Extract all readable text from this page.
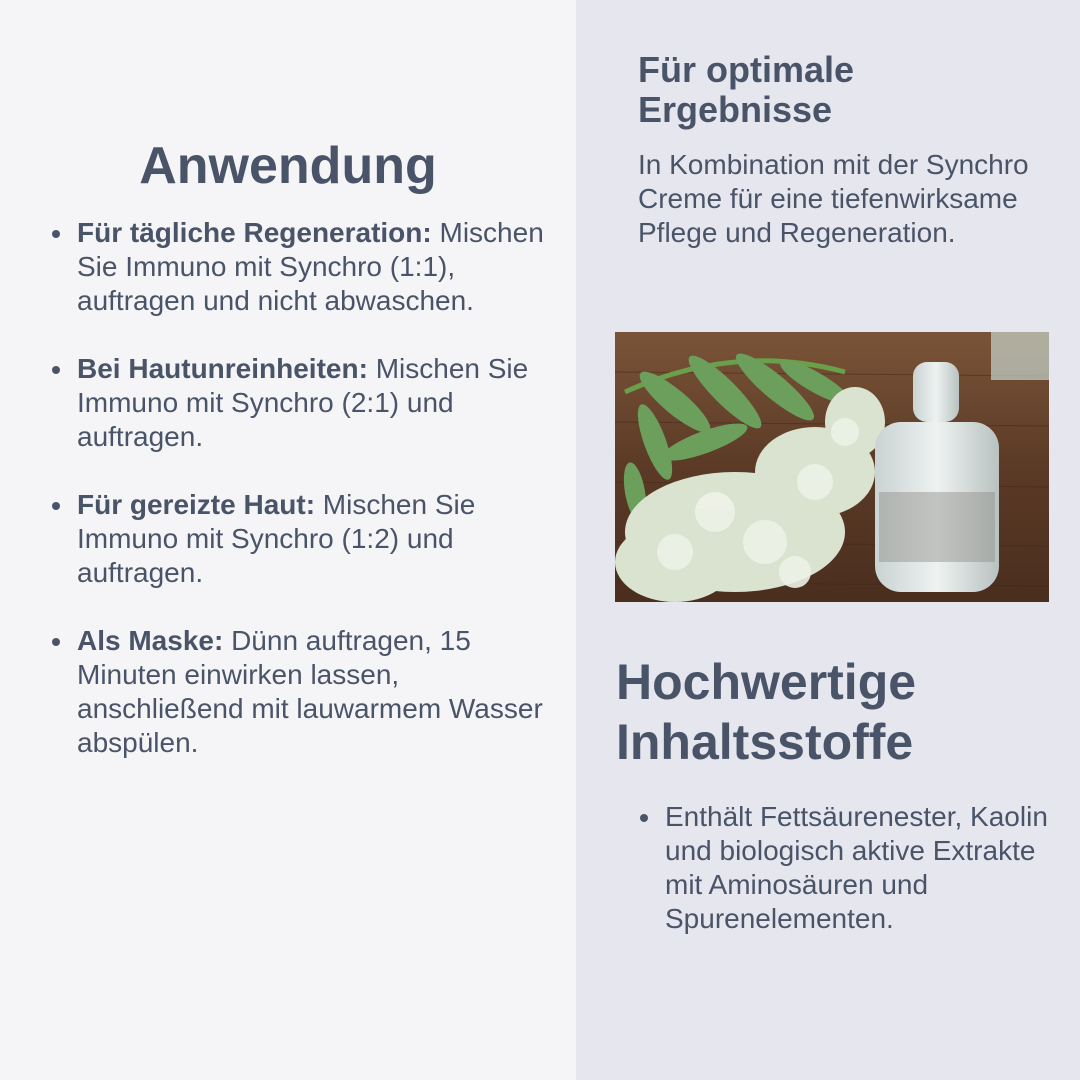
Anwendung
Für tägliche Regeneration: Mischen Sie Immuno mit Synchro (1:1), auftragen und nicht abwaschen.
Bei Hautunreinheiten: Mischen Sie Immuno mit Synchro (2:1) und auftragen.
Für gereizte Haut: Mischen Sie Immuno mit Synchro (1:2) und auftragen.
Als Maske: Dünn auftragen, 15 Minuten einwirken lassen, anschließend mit lauwarmem Wasser abspülen.
Für optimale Ergebnisse

In Kombination mit der Synchro Creme für eine tiefenwirksame Pflege und Regeneration.

Hochwertige Inhaltsstoffe
Enthält Fettsäurenester, Kaolin und biologisch aktive Extrakte mit Aminosäuren und Spurenelementen.
